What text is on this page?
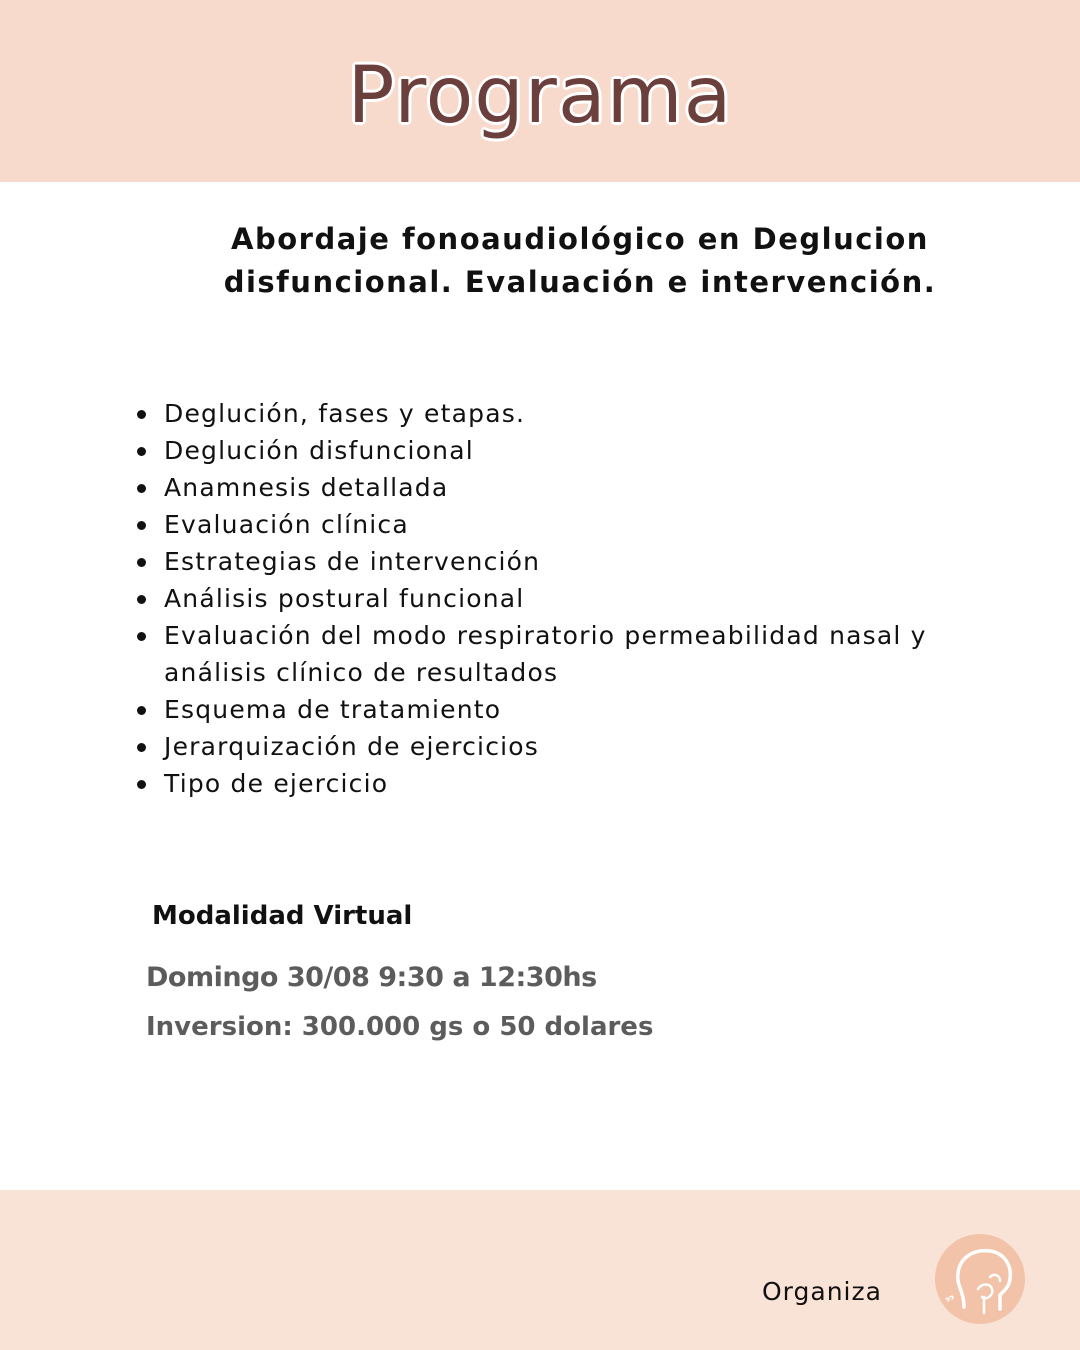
Programa
Abordaje fonoaudiológico en Deglucion disfuncional. Evaluación e intervención.
Deglución, fases y etapas.
Deglución disfuncional
Anamnesis detallada
Evaluación clínica
Estrategias de intervención
Análisis postural funcional
Evaluación del modo respiratorio permeabilidad nasal y análisis clínico de resultados
Esquema de tratamiento
Jerarquización de ejercicios
Tipo de ejercicio
Modalidad Virtual
Domingo 30/08 9:30 a 12:30hs
Inversion: 300.000 gs o 50 dolares
Organiza
